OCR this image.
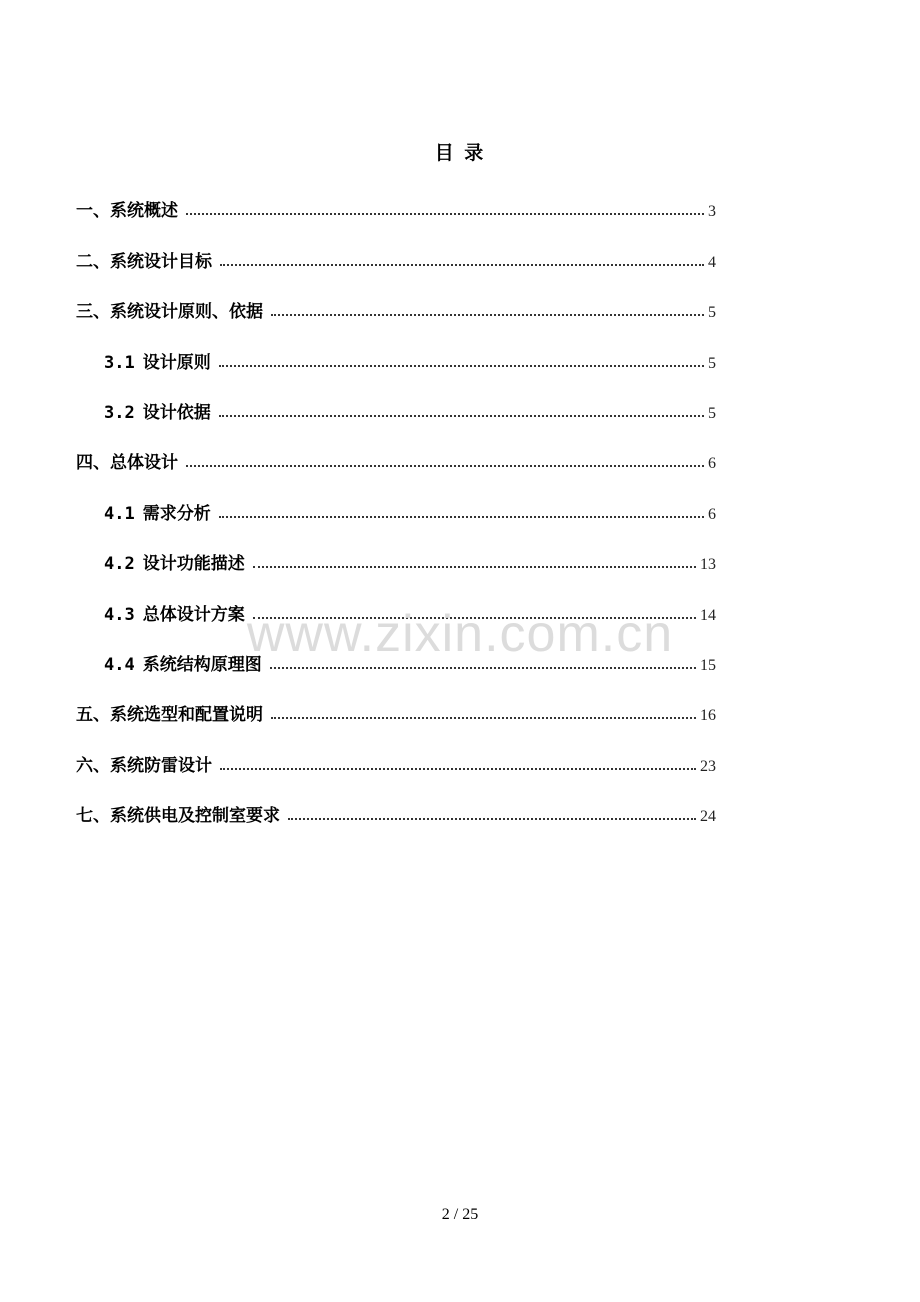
目 录
一、系统概述	3
二、系统设计目标	4
三、系统设计原则、依据	5
3.1 设计原则	5
3.2 设计依据	5
四、总体设计	6
4.1 需求分析	6
4.2 设计功能描述	13
4.3 总体设计方案	14
4.4 系统结构原理图	15
五、系统选型和配置说明	16
六、系统防雷设计	23
七、系统供电及控制室要求	24
www.zixin.com.cn
2 / 25
